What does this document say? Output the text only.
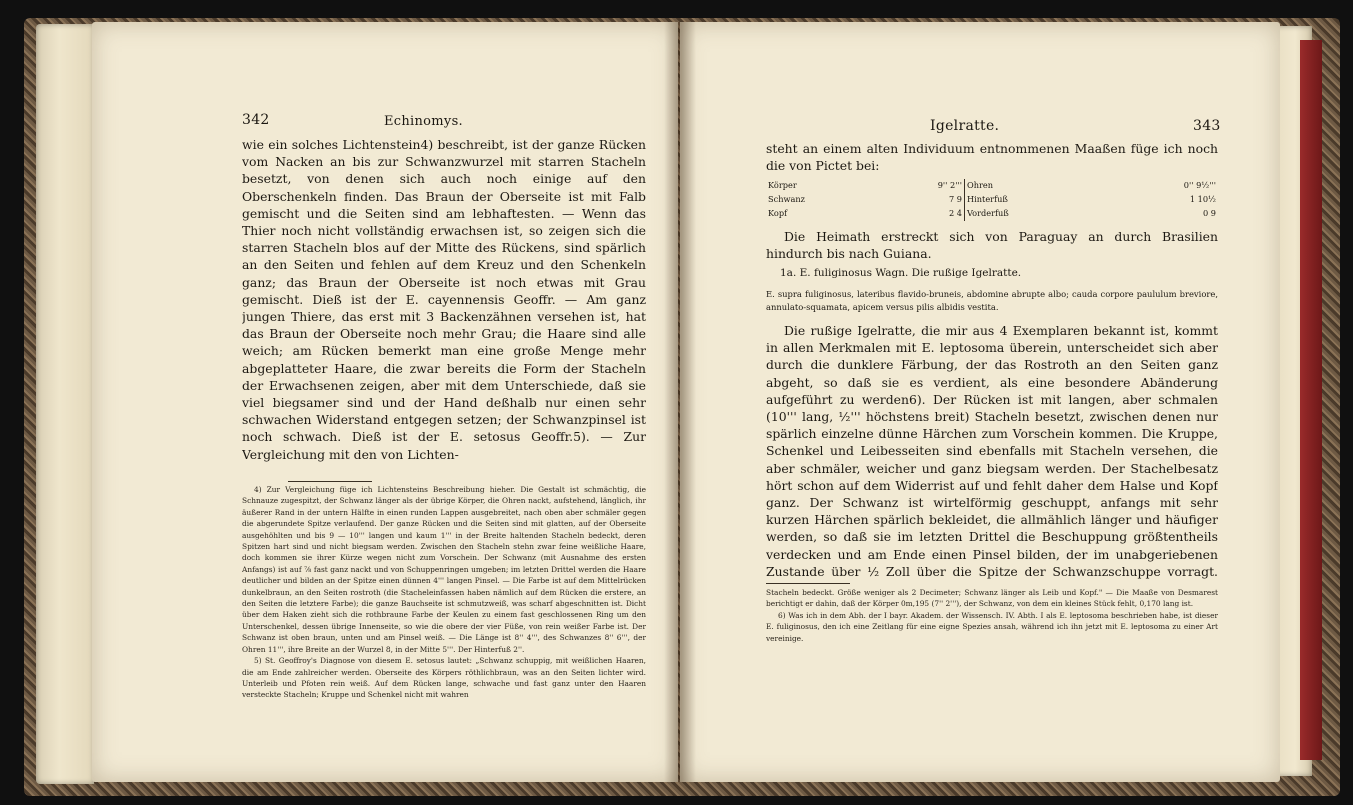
342	Echinomys.

wie ein solches Lichtenstein4) beschreibt, ist der ganze Rücken vom Nacken an bis zur Schwanzwurzel mit starren Stacheln besetzt, von denen sich auch noch einige auf den Oberschenkeln finden. Das Braun der Oberseite ist mit Falb gemischt und die Seiten sind am lebhaftesten. — Wenn das Thier noch nicht vollständig erwachsen ist, so zeigen sich die starren Stacheln blos auf der Mitte des Rückens, sind spärlich an den Seiten und fehlen auf dem Kreuz und den Schenkeln ganz; das Braun der Oberseite ist noch etwas mit Grau gemischt. Dieß ist der E. cayennensis Geoffr. — Am ganz jungen Thiere, das erst mit 3 Backenzähnen versehen ist, hat das Braun der Oberseite noch mehr Grau; die Haare sind alle weich; am Rücken bemerkt man eine große Menge mehr abgeplatteter Haare, die zwar bereits die Form der Stacheln der Erwachsenen zeigen, aber mit dem Unterschiede, daß sie viel biegsamer sind und der Hand deßhalb nur einen sehr schwachen Widerstand entgegen setzen; der Schwanzpinsel ist noch schwach. Dieß ist der E. setosus Geoffr.5). — Zur Vergleichung mit den von Lichten-

4) Zur Vergleichung füge ich Lichtensteins Beschreibung hieher. Die Gestalt ist schmächtig, die Schnauze zugespitzt, der Schwanz länger als der übrige Körper, die Ohren nackt, aufstehend, länglich, ihr äußerer Rand in der untern Hälfte in einen runden Lappen ausgebreitet, nach oben aber schmäler gegen die abgerundete Spitze verlaufend. Der ganze Rücken und die Seiten sind mit glatten, auf der Oberseite ausgehöhlten und bis 9 — 10''' langen und kaum 1''' in der Breite haltenden Stacheln bedeckt, deren Spitzen hart sind und nicht biegsam werden. Zwischen den Stacheln stehn zwar feine weißliche Haare, doch kommen sie ihrer Kürze wegen nicht zum Vorschein. Der Schwanz (mit Ausnahme des ersten Anfangs) ist auf ⅞ fast ganz nackt und von Schuppenringen umgeben; im letzten Drittel werden die Haare deutlicher und bilden an der Spitze einen dünnen 4''' langen Pinsel. — Die Farbe ist auf dem Mittelrücken dunkelbraun, an den Seiten rostroth (die Stacheleinfassen haben nämlich auf dem Rücken die erstere, an den Seiten die letztere Farbe); die ganze Bauchseite ist schmutzweiß, was scharf abgeschnitten ist. Dicht über dem Haken zieht sich die rothbraune Farbe der Keulen zu einem fast geschlossenen Ring um den Unterschenkel, dessen übrige Innenseite, so wie die obere der vier Füße, von rein weißer Farbe ist. Der Schwanz ist oben braun, unten und am Pinsel weiß. — Die Länge ist 8'' 4''', des Schwanzes 8'' 6''', der Ohren 11''', ihre Breite an der Wurzel 8, in der Mitte 5'''. Der Hinterfuß 2''.

5) St. Geoffroy's Diagnose von diesem E. setosus lautet: „Schwanz schuppig, mit weißlichen Haaren, die am Ende zahlreicher werden. Oberseite des Körpers röthlichbraun, was an den Seiten lichter wird. Unterleib und Pfoten rein weiß. Auf dem Rücken lange, schwache und fast ganz unter den Haaren versteckte Stacheln; Kruppe und Schenkel nicht mit wahren

Igelratte.	343

steht an einem alten Individuum entnommenen Maaßen füge ich noch die von Pictet bei:

Körper	9'' 2'''	Ohren	0'' 9½'''
Schwanz	7 9	Hinterfuß	1 10½
Kopf	2 4	Vorderfuß	0 9

Die Heimath erstreckt sich von Paraguay an durch Brasilien hindurch bis nach Guiana.

1a. E. fuliginosus Wagn. Die rußige Igelratte.
E. supra fuliginosus, lateribus flavido-bruneis, abdomine abrupte albo; cauda corpore paululum breviore, annulato-squamata, apicem versus pilis albidis vestita.

Die rußige Igelratte, die mir aus 4 Exemplaren bekannt ist, kommt in allen Merkmalen mit E. leptosoma überein, unterscheidet sich aber durch die dunklere Färbung, der das Rostroth an den Seiten ganz abgeht, so daß sie es verdient, als eine besondere Abänderung aufgeführt zu werden6). Der Rücken ist mit langen, aber schmalen (10''' lang, ½''' höchstens breit) Stacheln besetzt, zwischen denen nur spärlich einzelne dünne Härchen zum Vorschein kommen. Die Kruppe, Schenkel und Leibesseiten sind ebenfalls mit Stacheln versehen, die aber schmäler, weicher und ganz biegsam werden. Der Stachelbesatz hört schon auf dem Widerrist auf und fehlt daher dem Halse und Kopf ganz. Der Schwanz ist wirtelförmig geschuppt, anfangs mit sehr kurzen Härchen spärlich bekleidet, die allmählich länger und häufiger werden, so daß sie im letzten Drittel die Beschuppung größtentheils verdecken und am Ende einen Pinsel bilden, der im unabgeriebenen Zustande über ½ Zoll über die Spitze der Schwanzschuppe vorragt.

Stacheln bedeckt. Größe weniger als 2 Decimeter; Schwanz länger als Leib und Kopf." — Die Maaße von Desmarest berichtigt er dahin, daß der Körper 0m,195 (7'' 2'''), der Schwanz, von dem ein kleines Stück fehlt, 0,170 lang ist.

6) Was ich in dem Abh. der I bayr. Akadem. der Wissensch. IV. Abth. I als E. leptosoma beschrieben habe, ist dieser E. fuliginosus, den ich eine Zeitlang für eine eigne Spezies ansah, während ich ihn jetzt mit E. leptosoma zu einer Art vereinige.
